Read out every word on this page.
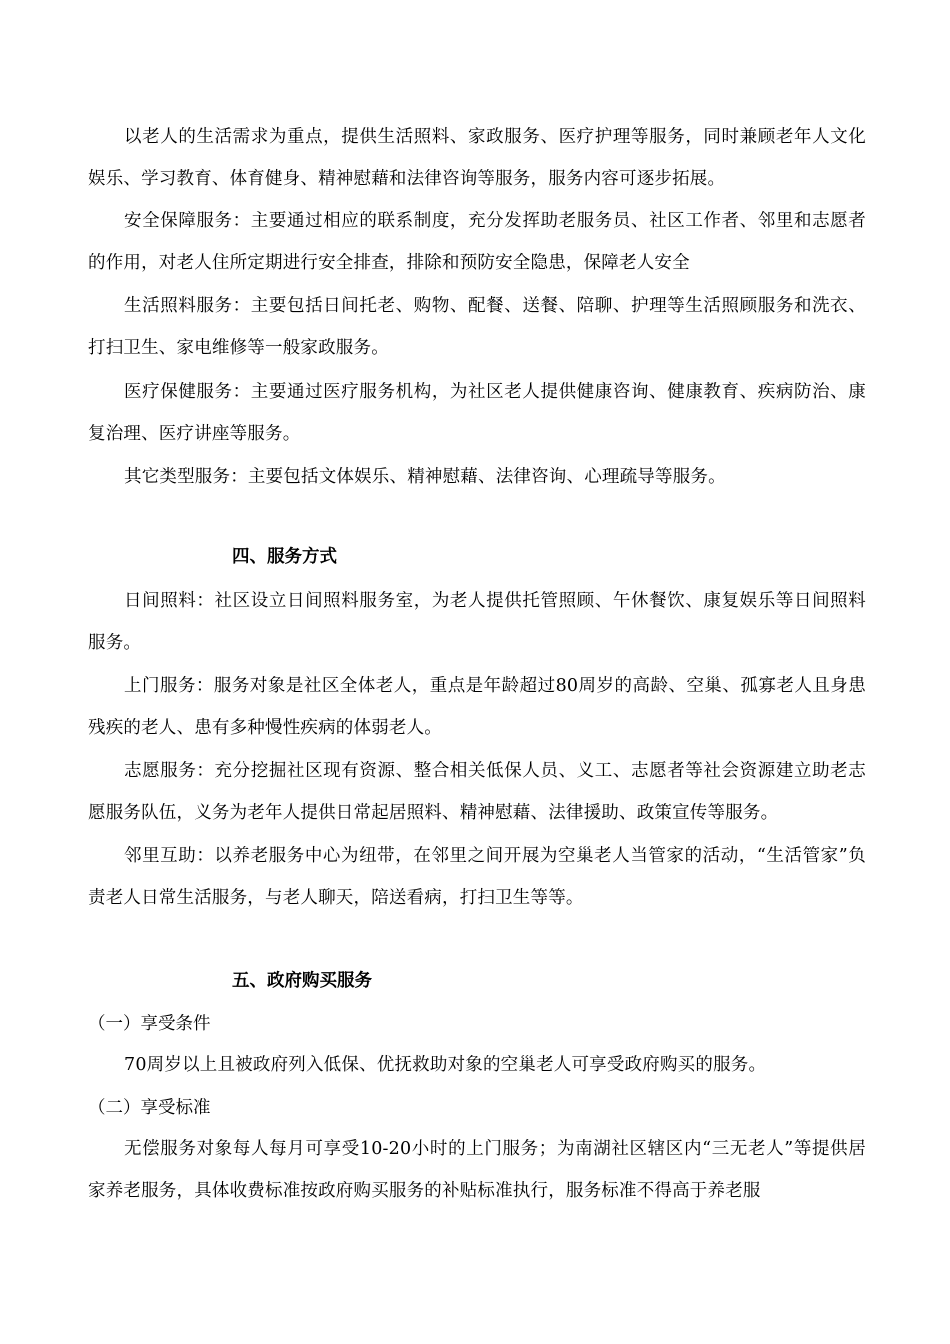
以老人的生活需求为重点，提供生活照料、家政服务、医疗护理等服务，同时兼顾老年人文化娱乐、学习教育、体育健身、精神慰藉和法律咨询等服务，服务内容可逐步拓展。

安全保障服务：主要通过相应的联系制度，充分发挥助老服务员、社区工作者、邻里和志愿者的作用，对老人住所定期进行安全排查，排除和预防安全隐患，保障老人安全

生活照料服务：主要包括日间托老、购物、配餐、送餐、陪聊、护理等生活照顾服务和洗衣、打扫卫生、家电维修等一般家政服务。

医疗保健服务：主要通过医疗服务机构，为社区老人提供健康咨询、健康教育、疾病防治、康复治理、医疗讲座等服务。

其它类型服务：主要包括文体娱乐、精神慰藉、法律咨询、心理疏导等服务。

四、服务方式

日间照料：社区设立日间照料服务室，为老人提供托管照顾、午休餐饮、康复娱乐等日间照料服务。

上门服务：服务对象是社区全体老人，重点是年龄超过80周岁的高龄、空巢、孤寡老人且身患残疾的老人、患有多种慢性疾病的体弱老人。

志愿服务：充分挖掘社区现有资源、整合相关低保人员、义工、志愿者等社会资源建立助老志愿服务队伍，义务为老年人提供日常起居照料、精神慰藉、法律援助、政策宣传等服务。

邻里互助：以养老服务中心为纽带，在邻里之间开展为空巢老人当管家的活动，“生活管家”负责老人日常生活服务，与老人聊天，陪送看病，打扫卫生等等。

五、政府购买服务

（一）享受条件

70周岁以上且被政府列入低保、优抚救助对象的空巢老人可享受政府购买的服务。

（二）享受标准

无偿服务对象每人每月可享受10-20小时的上门服务；为南湖社区辖区内“三无老人”等提供居家养老服务，具体收费标准按政府购买服务的补贴标准执行，服务标准不得高于养老服
